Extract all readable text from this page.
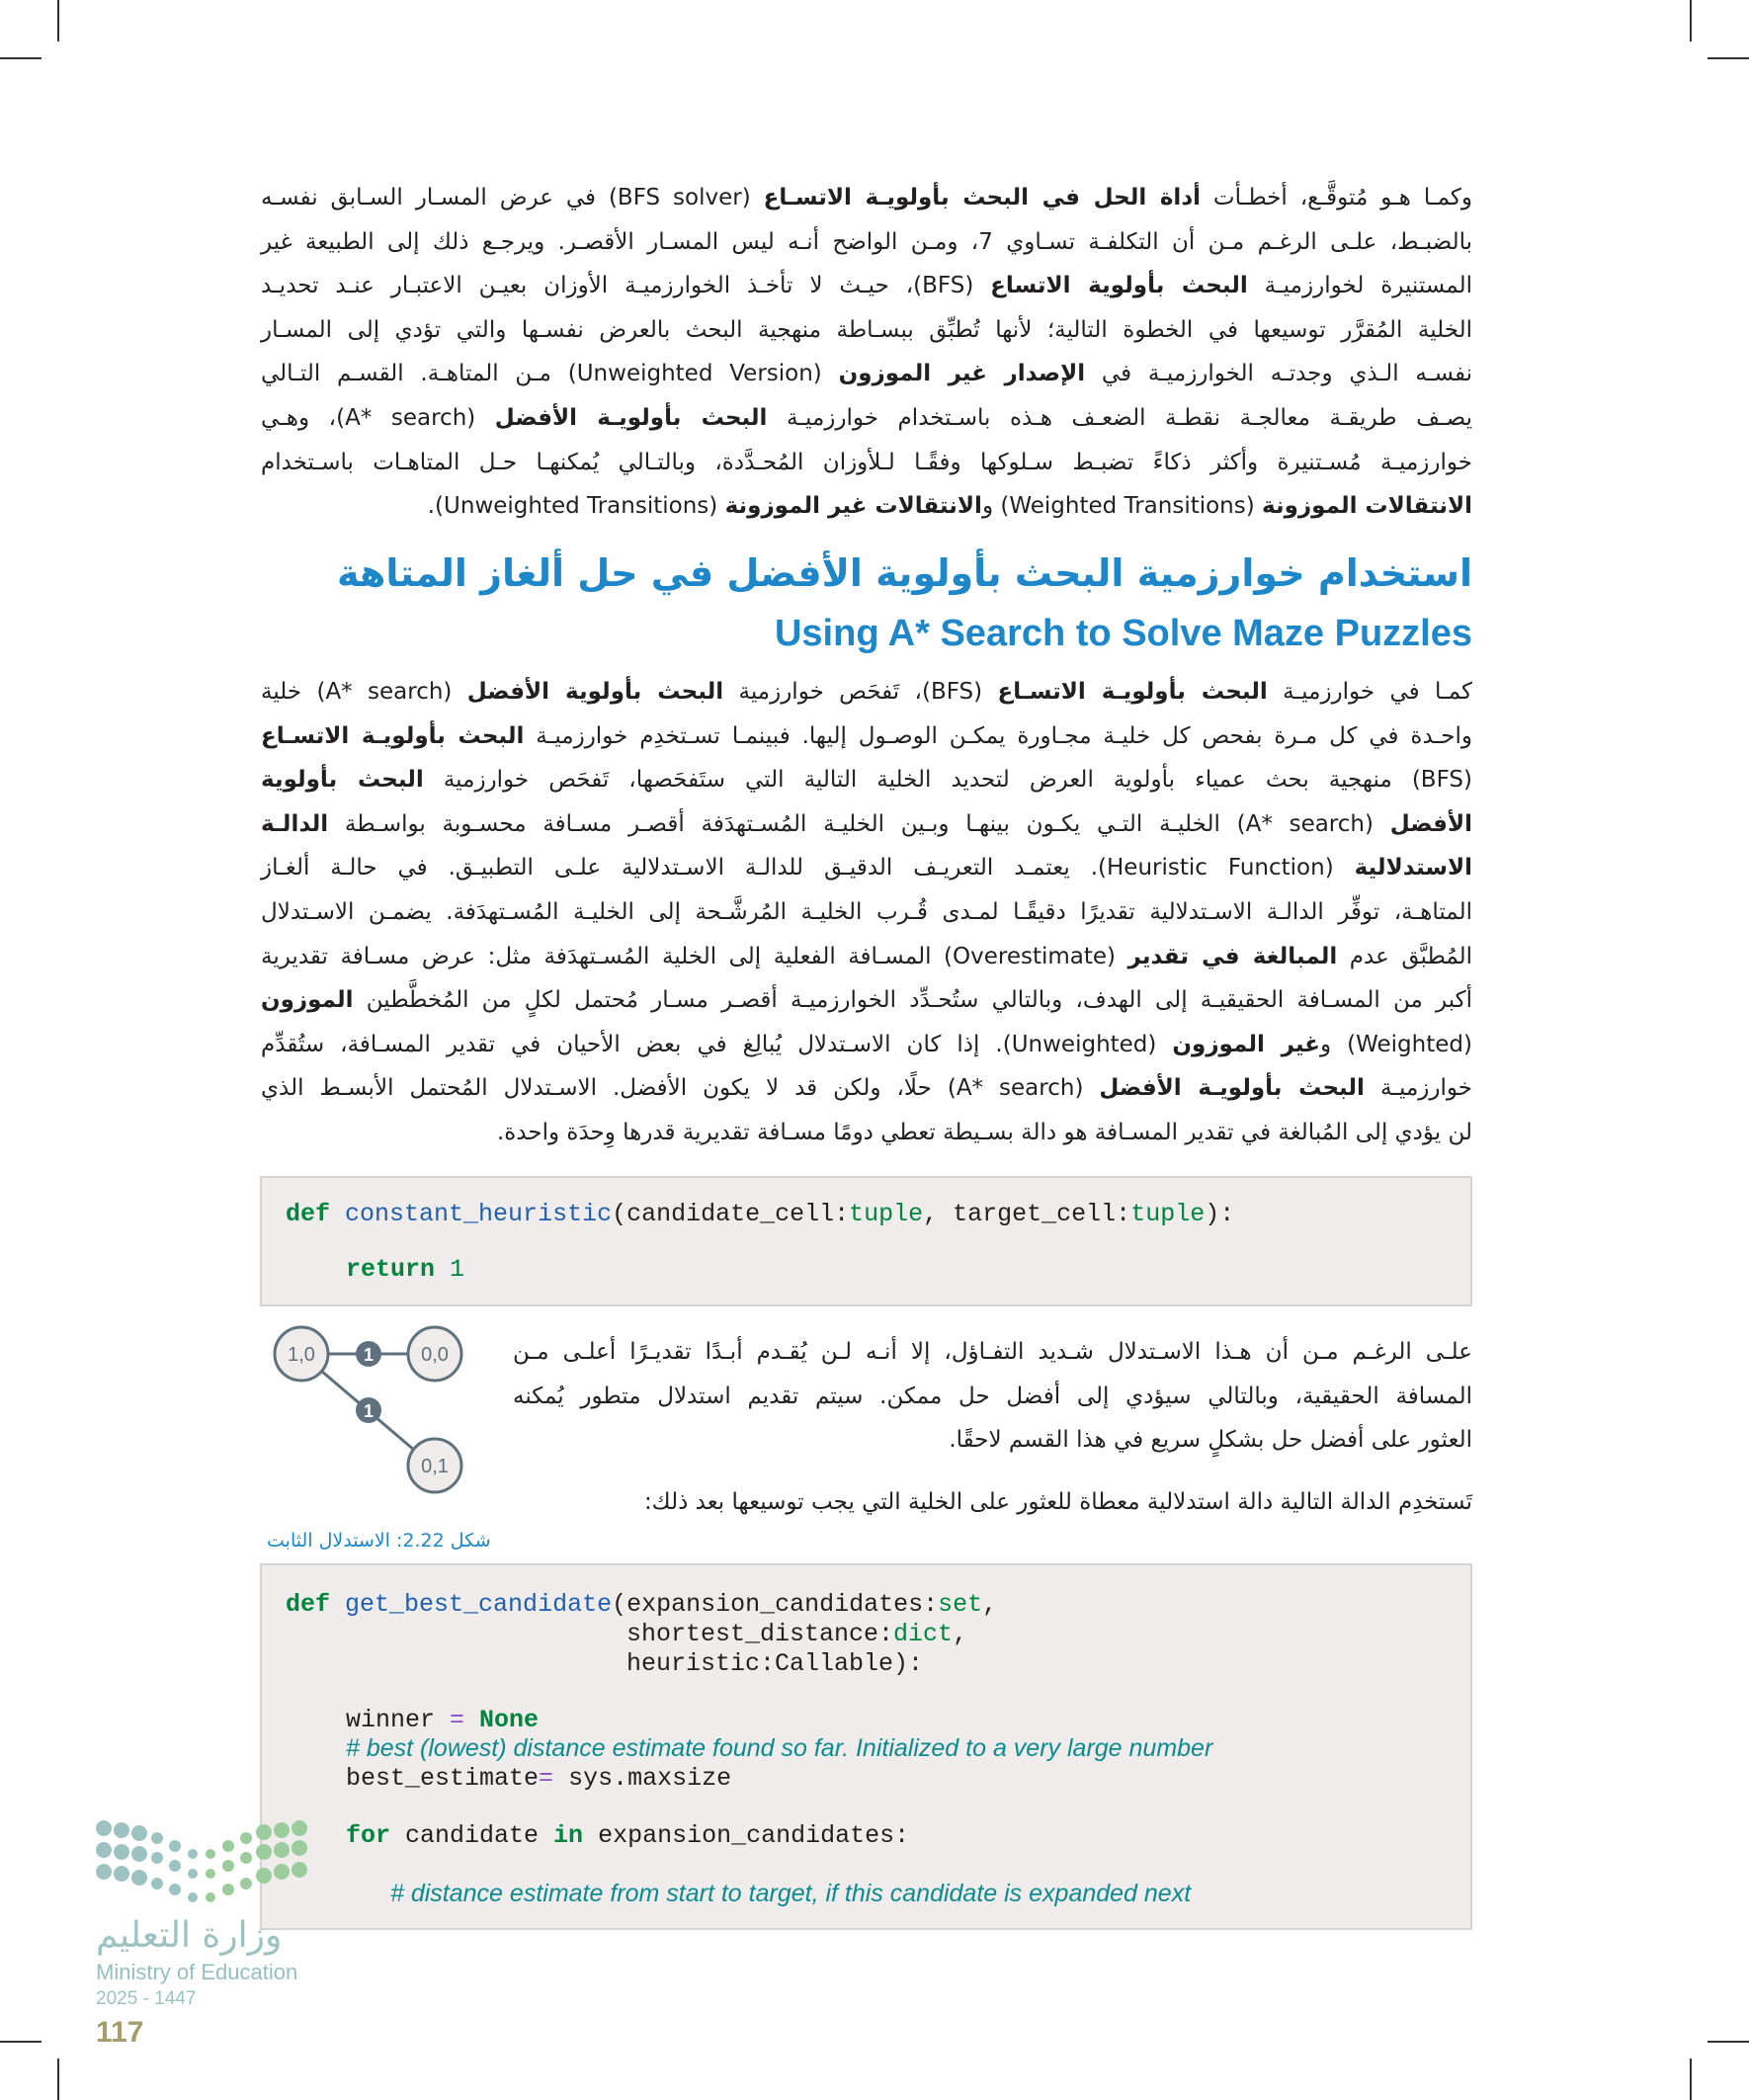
وكمـا هـو مُتوقَّـع، أخطـأت أداة الحل في البحث بأولويـة الاتسـاع (BFS solver) في عرض المسـار السـابق نفسـه
بالضبـط، علـى الرغـم مـن أن التكلفـة تسـاوي 7، ومـن الواضح أنـه ليس المسـار الأقصـر. ويرجـع ذلك إلى الطبيعة غير
المستنيرة لخوارزميـة البحث بأولوية الاتساع (BFS)، حيـث لا تأخـذ الخوارزميـة الأوزان بعيـن الاعتبـار عنـد تحديـد
الخلية المُقرَّر توسيعها في الخطوة التالية؛ لأنها تُطبِّق ببسـاطة منهجية البحث بالعرض نفسـها والتي تؤدي إلى المسـار
نفسـه الـذي وجدتـه الخوارزميـة في الإصدار غير الموزون (Unweighted Version) مـن المتاهـة. القسـم التـالي
يصـف طريقـة معالجـة نقطـة الضعـف هـذه باسـتخدام خوارزميـة البحث بأولويـة الأفضل (A* search)، وهـي
خوارزميـة مُسـتنيرة وأكثر ذكاءً تضبـط سـلوكها وفقًـا لـلأوزان المُحـدَّدة، وبالتـالي يُمكنهـا حـل المتاهـات باسـتخدام
الانتقالات الموزونة (Weighted Transitions) والانتقالات غير الموزونة (Unweighted Transitions).
استخدام خوارزمية البحث بأولوية الأفضل في حل ألغاز المتاهة
Using A* Search to Solve Maze Puzzles
كمـا في خوارزميـة البحث بأولويـة الاتسـاع (BFS)، تَفحَص خوارزمية البحث بأولوية الأفضل (A* search) خلية
واحـدة في كل مـرة بفحص كل خليـة مجـاورة يمكـن الوصـول إليها. فبينمـا تسـتخدِم خوارزميـة البحث بأولويـة الاتسـاع
(BFS) منهجية بحث عمياء بأولوية العرض لتحديد الخلية التالية التي ستَفحَصها، تَفحَص خوارزمية البحث بأولوية
الأفضل (A* search) الخليـة التـي يكـون بينهـا وبـين الخليـة المُسـتهدَفة أقصـر مسـافة محسـوبة بواسـطة الدالـة
الاستدلالية (Heuristic Function). يعتمـد التعريـف الدقيـق للدالـة الاسـتدلالية علـى التطبيـق. في حالـة ألغـاز
المتاهـة، توفِّر الدالـة الاسـتدلالية تقديرًا دقيقًـا لمـدى قُـرب الخليـة المُرشَّـحة إلى الخليـة المُسـتهدَفة. يضمـن الاسـتدلال
المُطبَّق عدم المبالغة في تقدير (Overestimate) المسـافة الفعلية إلى الخلية المُسـتهدَفة مثل: عرض مسـافة تقديرية
أكبر من المسـافة الحقيقيـة إلى الهدف، وبالتالي ستُحـدِّد الخوارزميـة أقصـر مسـار مُحتمل لكلٍ من المُخطَّطين الموزون
(Weighted) وغير الموزون (Unweighted). إذا كان الاسـتدلال يُبالِغ في بعض الأحيان في تقدير المسـافة، ستُقدِّم
خوارزميـة البحث بأولويـة الأفضل (A* search) حلًا، ولكن قد لا يكون الأفضل. الاسـتدلال المُحتمل الأبسـط الذي
لن يؤدي إلى المُبالغة في تقدير المسـافة هو دالة بسـيطة تعطي دومًا مسـافة تقديرية قدرها وِحدَة واحدة.
def constant_heuristic(candidate_cell:tuple, target_cell:tuple):
return 1
1,0	0,0
0,1
1
1
علـى الرغـم مـن أن هـذا الاسـتدلال شـديد التفـاؤل، إلا أنـه لـن يُقـدم أبـدًا تقديـرًا أعلـى مـن
المسافة الحقيقية، وبالتالي سيؤدي إلى أفضل حل ممكن. سيتم تقديم استدلال متطور يُمكنه
العثور على أفضل حل بشكلٍ سريع في هذا القسم لاحقًا.
تَستخدِم الدالة التالية دالة استدلالية معطاة للعثور على الخلية التي يجب توسيعها بعد ذلك:
شكل 2.22: الاستدلال الثابت
def get_best_candidate(expansion_candidates:set,
shortest_distance:dict,
heuristic:Callable):
winner = None
# best (lowest) distance estimate found so far. Initialized to a very large number
best_estimate= sys.maxsize
for candidate in expansion_candidates:
# distance estimate from start to target, if this candidate is expanded next
وزارة التعليم
Ministry of Education
2025 - 1447
117
